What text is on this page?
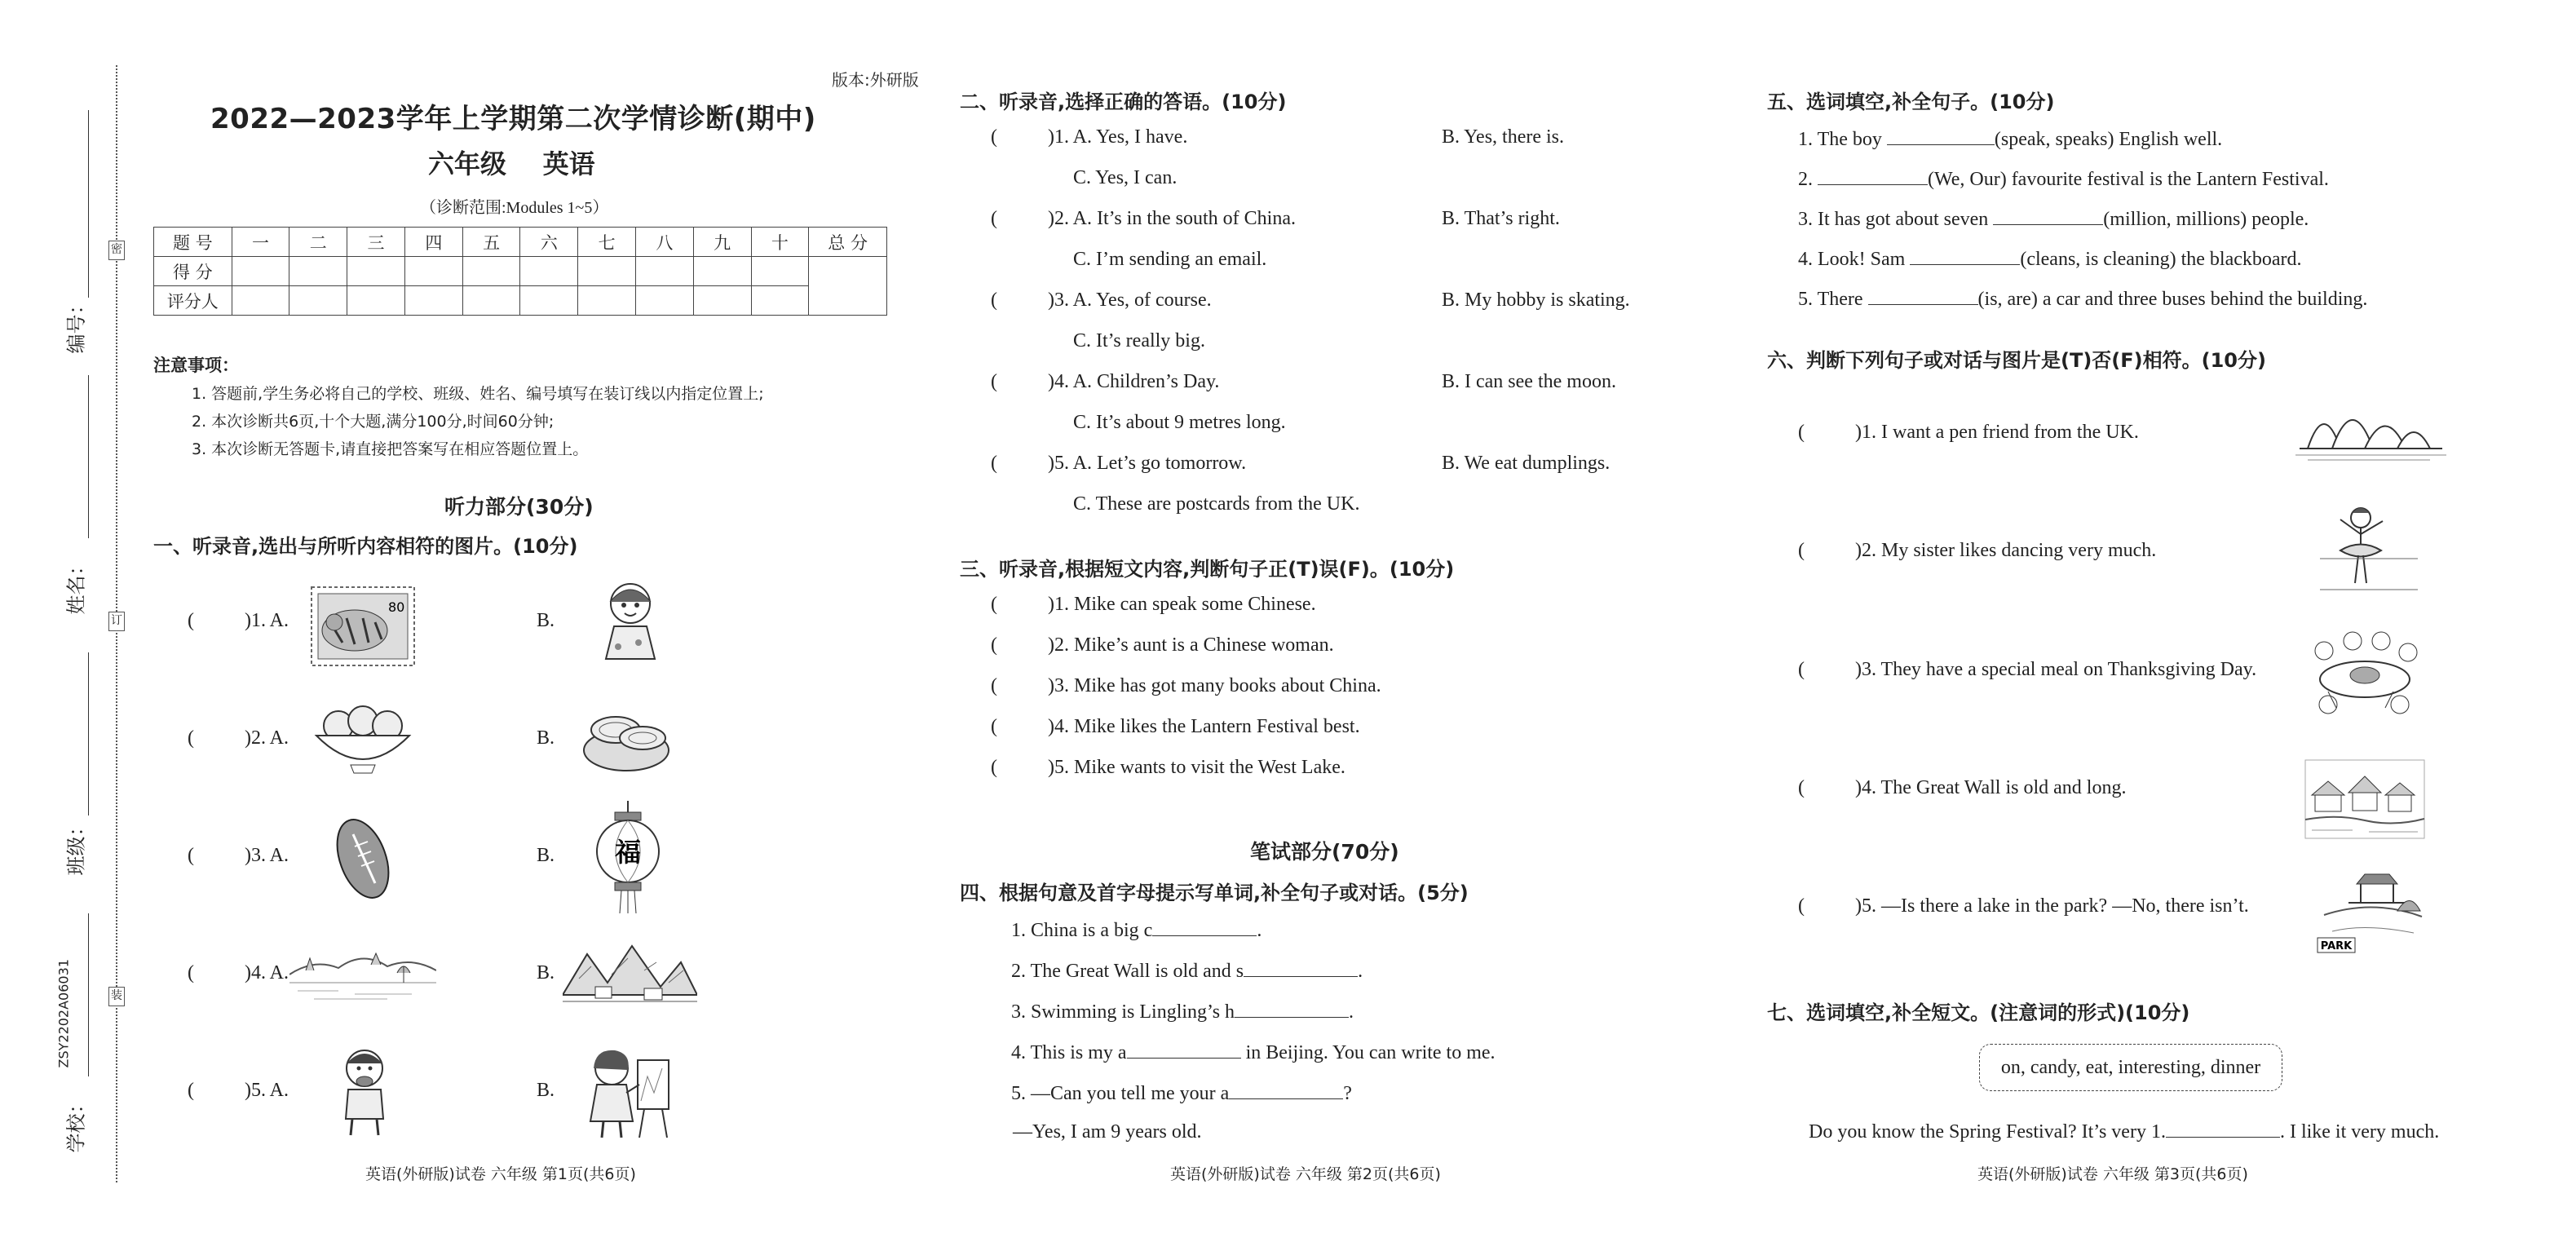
密
订
装
编号：
姓名：
班级：
学校：
ZSY2202A06031
版本:外研版
2022—2023学年上学期第二次学情诊断(期中)
六年级    英语
（诊断范围:Modules 1~5）
题 号	一	二	三	四	五	六	七	八	九	十	总 分
得 分											
评分人											
注意事项：
1. 答题前,学生务必将自己的学校、班级、姓名、编号填写在装订线以内指定位置上;
2. 本次诊断共6页,十个大题,满分100分,时间60分钟;
3. 本次诊断无答题卡,请直接把答案写在相应答题位置上。
听力部分(30分)
一、听录音,选出与所听内容相符的图片。(10分)
(	)1. A.	B.
80
(	)2. A.	B.
(	)3. A.	B. 福
(	)4. A.	B.
(	)5. A.	B.
英语(外研版)试卷 六年级 第1页(共6页)
二、听录音,选择正确的答语。(10分)
(	)1. A. Yes, I have.	B. Yes, there is.
C. Yes, I can.
(	)2. A. It’s in the south of China.	B. That’s right.
C. I’m sending an email.
(	)3. A. Yes, of course.	B. My hobby is skating.
C. It’s really big.
(	)4. A. Children’s Day.	B. I can see the moon.
C. It’s about 9 metres long.
(	)5. A. Let’s go tomorrow.	B. We eat dumplings.
C. These are postcards from the UK.
三、听录音,根据短文内容,判断句子正(T)误(F)。(10分)
(	)1. Mike can speak some Chinese.
(	)2. Mike’s aunt is a Chinese woman.
(	)3. Mike has got many books about China.
(	)4. Mike likes the Lantern Festival best.
(	)5. Mike wants to visit the West Lake.
笔试部分(70分)
四、根据句意及首字母提示写单词,补全句子或对话。(5分)
1. China is a big c	.
2. The Great Wall is old and s	.
3. Swimming is Lingling’s h	.
4. This is my a	in Beijing. You can write to me.
5. —Can you tell me your a	?
—Yes, I am 9 years old.
英语(外研版)试卷 六年级 第2页(共6页)
五、选词填空,补全句子。(10分)
1. The boy	(speak, speaks) English well.
2.	(We, Our) favourite festival is the Lantern Festival.
3. It has got about seven	(million, millions) people.
4. Look! Sam	(cleans, is cleaning) the blackboard.
5. There	(is, are) a car and three buses behind the building.
六、判断下列句子或对话与图片是(T)否(F)相符。(10分)
(	)1. I want a pen friend from the UK.
(	)2. My sister likes dancing very much.
(	)3. They have a special meal on Thanksgiving Day.
(	)4. The Great Wall is old and long.
(	)5. —Is there a lake in the park? —No, there isn’t.
PARK
七、选词填空,补全短文。(注意词的形式)(10分)
on, candy, eat, interesting, dinner
Do you know the Spring Festival? It’s very 1.	. I like it very much.
英语(外研版)试卷 六年级 第3页(共6页)
